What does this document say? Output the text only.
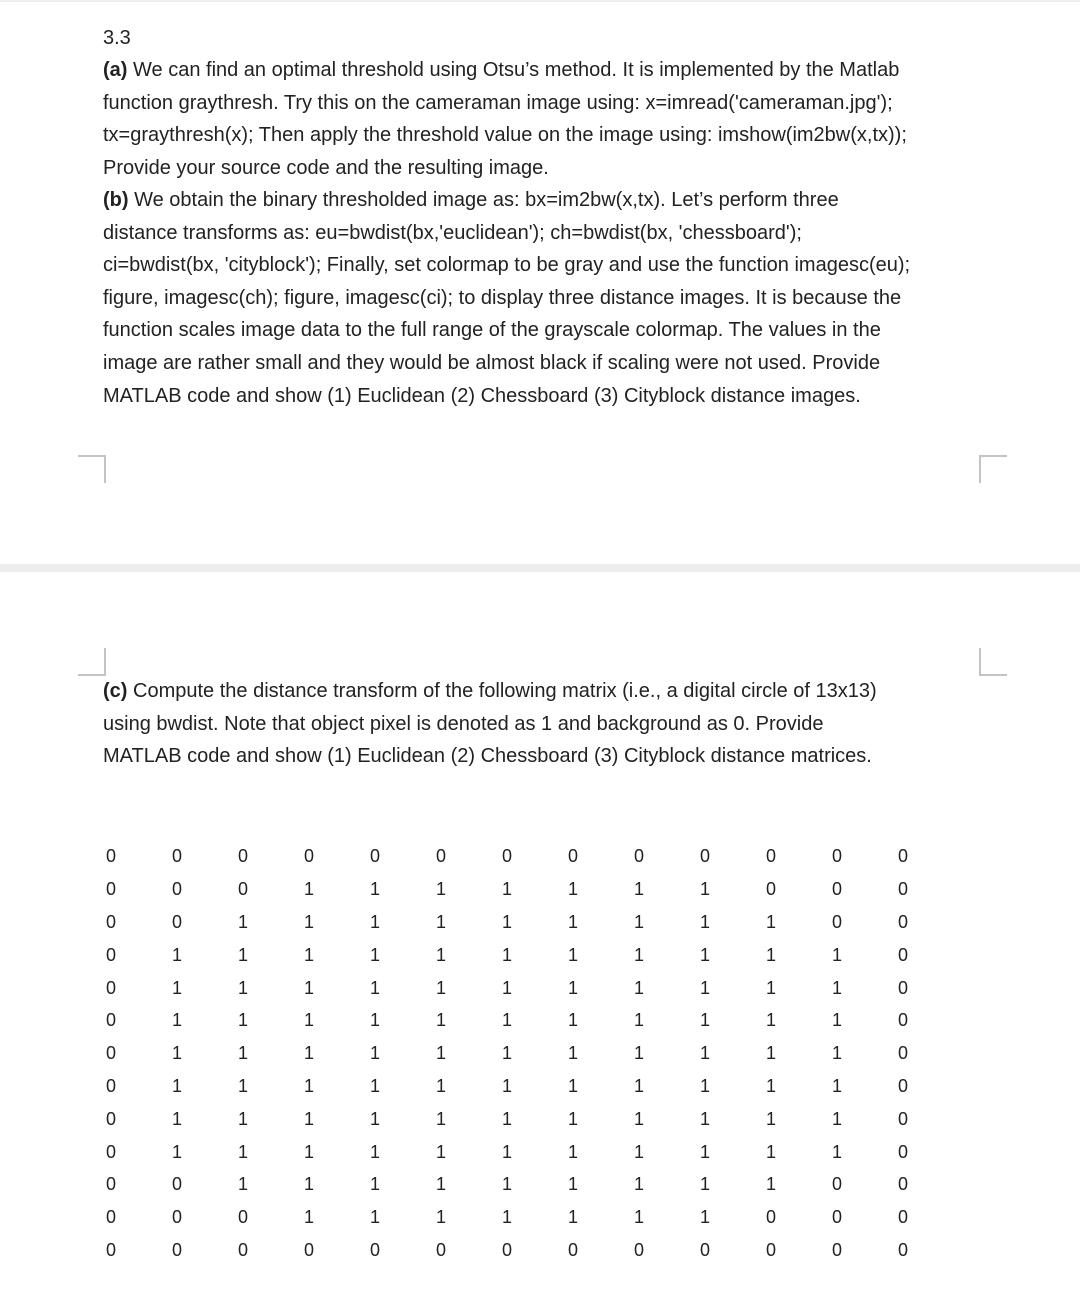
3.3

(a) We can find an optimal threshold using Otsu’s method. It is implemented by the Matlab
function graythresh. Try this on the cameraman image using: x=imread('cameraman.jpg');
tx=graythresh(x); Then apply the threshold value on the image using: imshow(im2bw(x,tx));
Provide your source code and the resulting image.

(b) We obtain the binary thresholded image as: bx=im2bw(x,tx). Let’s perform three
distance transforms as: eu=bwdist(bx,'euclidean'); ch=bwdist(bx, 'chessboard');
ci=bwdist(bx, 'cityblock'); Finally, set colormap to be gray and use the function imagesc(eu);
figure, imagesc(ch); figure, imagesc(ci); to display three distance images. It is because the
function scales image data to the full range of the grayscale colormap. The values in the
image are rather small and they would be almost black if scaling were not used. Provide
MATLAB code and show (1) Euclidean (2) Chessboard (3) Cityblock distance images.

(c) Compute the distance transform of the following matrix (i.e., a digital circle of 13x13)
using bwdist. Note that object pixel is denoted as 1 and background as 0. Provide
MATLAB code and show (1) Euclidean (2) Chessboard (3) Cityblock distance matrices.

0	0	0	0	0	0	0	0	0	0	0	0	0
0	0	0	1	1	1	1	1	1	1	0	0	0
0	0	1	1	1	1	1	1	1	1	1	0	0
0	1	1	1	1	1	1	1	1	1	1	1	0
0	1	1	1	1	1	1	1	1	1	1	1	0
0	1	1	1	1	1	1	1	1	1	1	1	0
0	1	1	1	1	1	1	1	1	1	1	1	0
0	1	1	1	1	1	1	1	1	1	1	1	0
0	1	1	1	1	1	1	1	1	1	1	1	0
0	1	1	1	1	1	1	1	1	1	1	1	0
0	0	1	1	1	1	1	1	1	1	1	0	0
0	0	0	1	1	1	1	1	1	1	0	0	0
0	0	0	0	0	0	0	0	0	0	0	0	0
